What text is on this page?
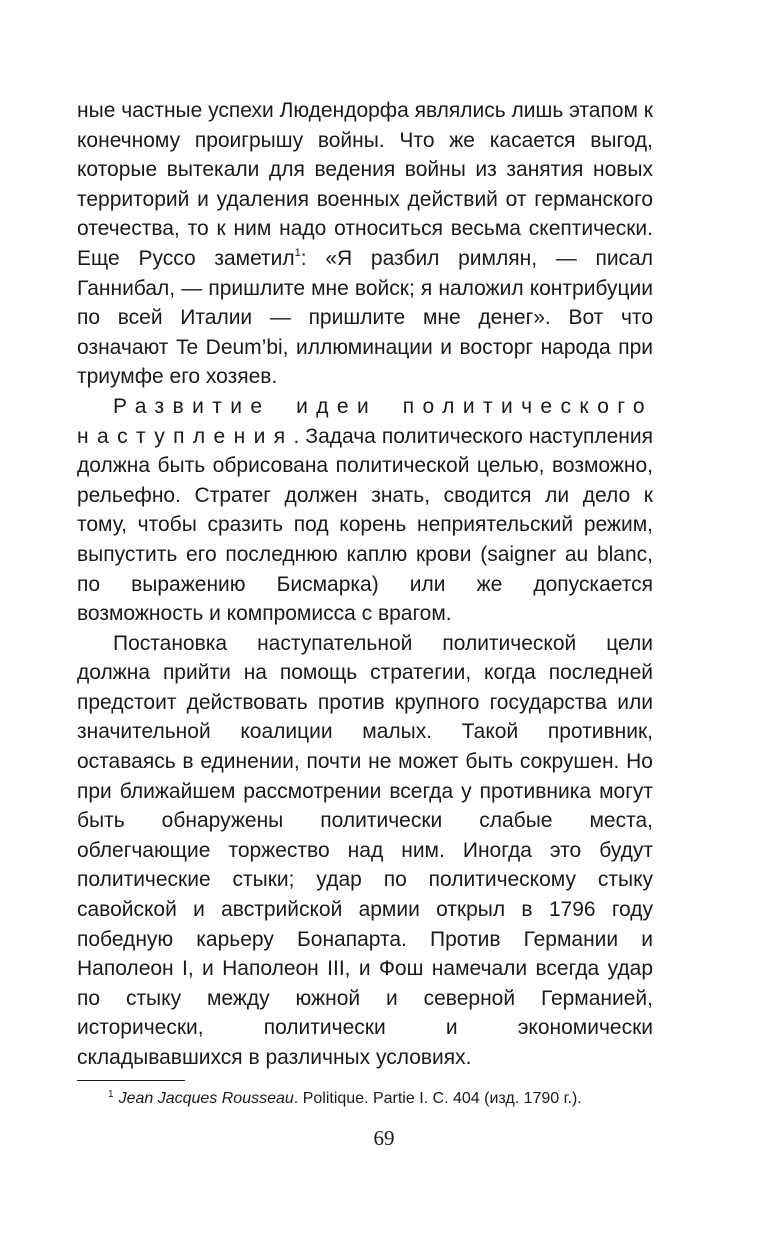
ные частные успехи Людендорфа являлись лишь этапом к конечному проигрышу войны. Что же касается выгод, которые вытекали для ведения войны из занятия новых территорий и удаления военных действий от германского отечества, то к ним надо относиться весьма скептически. Еще Руссо заметил$^1$: «Я разбил римлян, — писал Ганнибал, — пришлите мне войск; я наложил контрибуции по всей Италии — пришлите мне денег». Вот что означают Te Deum’bi, иллюминации и восторг народа при триумфе его хозяев.

Развитие идеи политического наступления. Задача политического наступления должна быть обрисована политической целью, возможно, рельефно. Стратег должен знать, сводится ли дело к тому, чтобы сразить под корень неприятельский режим, выпустить его последнюю каплю крови (saigner au blanc, по выражению Бисмарка) или же допускается возможность и компромисса с врагом.

Постановка наступательной политической цели должна прийти на помощь стратегии, когда последней предстоит действовать против крупного государства или значительной коалиции малых. Такой противник, оставаясь в единении, почти не может быть сокрушен. Но при ближайшем рассмотрении всегда у противника могут быть обнаружены политически слабые места, облегчающие торжество над ним. Иногда это будут политические стыки; удар по политическому стыку савойской и австрийской армии открыл в 1796 году победную карьеру Бонапарта. Против Германии и Наполеон I, и Наполеон III, и Фош намечали всегда удар по стыку между южной и северной Германией, исторически, политически и экономически складывавшихся в различных условиях.

$^1$ Jean Jacques Rousseau. Politique. Partie I. C. 404 (изд. 1790 г.).
69
